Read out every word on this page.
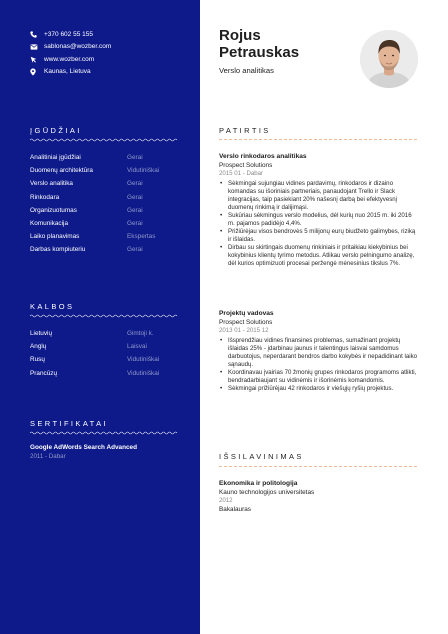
+370 602 55 155
sablonas@wozber.com
www.wozber.com
Kaunas, Lietuva
ĮGŪDŽIAI
Analitiniai įgūdžiai	Gerai
Duomenų architektūra	Vidutiniškai
Verslo analitika	Gerai
Rinkodara	Gerai
Organizuotumas	Gerai
Komunikacija	Gerai
Laiko planavimas	Ekspertas
Darbas kompiuteriu	Gerai
KALBOS
Lietuvių	Gimtoji k.
Anglų	Laisvai
Rusų	Vidutiniškai
Prancūzų	Vidutiniškai
SERTIFIKATAI
Google AdWords Search Advanced
2011 - Dabar
Rojus
Petrauskas
Verslo analitikas
PATIRTIS
Verslo rinkodaros analitikas
Prospect Solutions
2015 01 - Dabar
• Sėkmingai sujungiau vidines pardavimų, rinkodaros ir dizaino komandas su išoriniais partneriais, panaudojant Trello ir Slack integracijas, taip pasiekiant 20% našesnį darbą bei efektyvesnį duomenų rinkimą ir dalijimąsi.
• Sukūriau sėkmingus verslo modelius, dėl kurių nuo 2015 m. iki 2016 m. pajamos padidėjo 4,4%.
• Prižiūrėjau visos bendrovės 5 milijonų eurų biudžeto galimybes, riziką ir išlaidas.
• Dirbau su skirtingais duomenų rinkiniais ir pritaikiau kiekybinius bei kokybinius klientų tyrimo metodus. Atlikau verslo pelningumo analizę, dėl kurios optimizuoti procesai peržengė mėnesinius tikslus 7%.
Projektų vadovas
Prospect Solutions
2013 01 - 2015 12
• Išsprendžiau vidines finansines problemas, sumažinant projektų išlaidas 25% - įdarbinau jaunus ir talentingus laisvai samdomus darbuotojus, neperdarant bendros darbo kokybės ir nepadidinant laiko sąnaudų.
• Koordinavau įvairias 70 žmonių grupes rinkodaros programoms atlikti, bendradarbiaujant su vidinėmis ir išorinėmis komandomis.
• Sėkmingai prižiūrėjau 42 rinkodaros ir viešųjų ryšių projektus.
IŠSILAVINIMAS
Ekonomika ir politologija
Kauno technologijos universitetas
2012
Bakalauras
